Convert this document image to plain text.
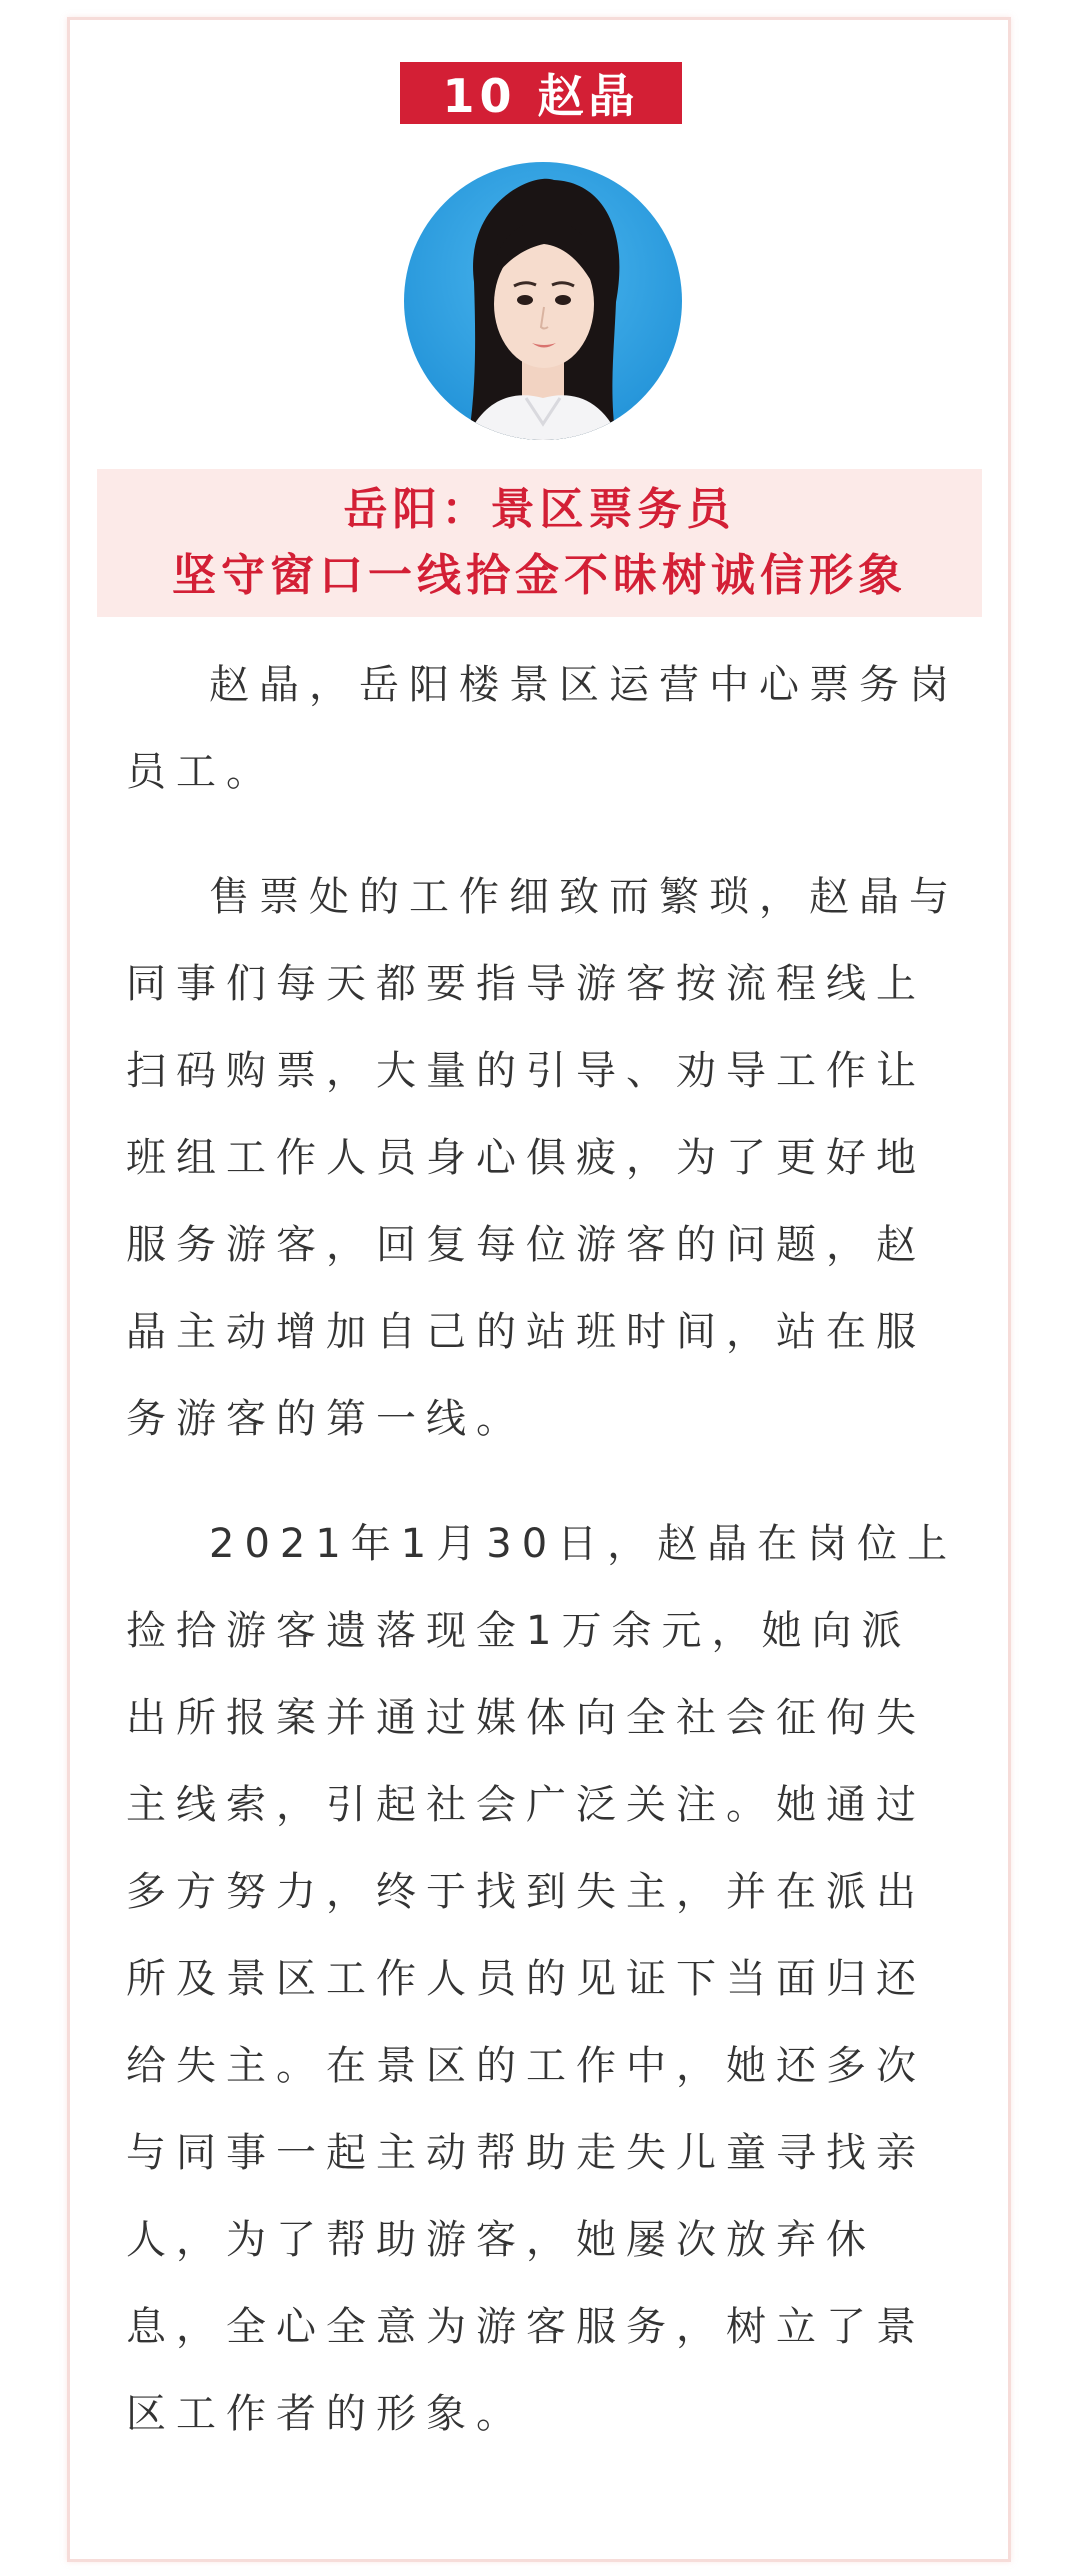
10 赵晶
岳阳：景区票务员
坚守窗口一线拾金不昧树诚信形象

赵晶，岳阳楼景区运营中心票务岗员工。

售票处的工作细致而繁琐，赵晶与同事们每天都要指导游客按流程线上扫码购票，大量的引导、劝导工作让班组工作人员身心俱疲，为了更好地服务游客，回复每位游客的问题，赵晶主动增加自己的站班时间，站在服务游客的第一线。

2021年1月30日，赵晶在岗位上捡拾游客遗落现金1万余元，她向派出所报案并通过媒体向全社会征佝失主线索，引起社会广泛关注。她通过多方努力，终于找到失主，并在派出所及景区工作人员的见证下当面归还给失主。在景区的工作中，她还多次与同事一起主动帮助走失儿童寻找亲人，为了帮助游客，她屡次放弃休息，全心全意为游客服务，树立了景区工作者的形象。
